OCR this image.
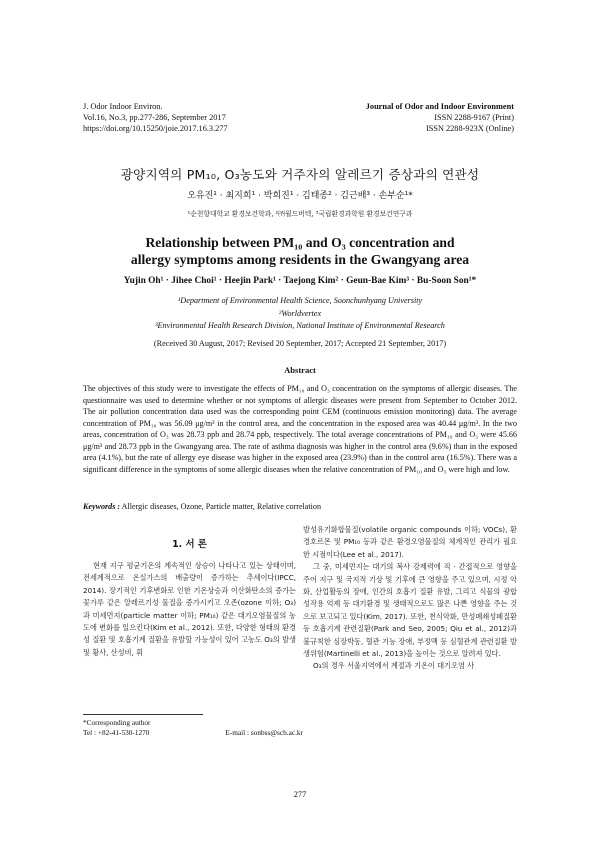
J. Odor Indoor Environ.
Vol.16, No.3, pp.277-286, September 2017
https://doi.org/10.15250/joie.2017.16.3.277
Journal of Odor and Indoor Environment
ISSN 2288-9167 (Print)
ISSN 2288-923X (Online)
광양지역의 PM₁₀, O₃농도와 거주자의 알레르기 증상과의 연관성
오유진¹ · 최지희¹ · 박희진¹ · 김태종² · 김근배³ · 손부순¹*
¹순천향대학교 환경보건학과, ²㈜월드버텍, ³국립환경과학원 환경보건연구과
Relationship between PM₁₀ and O₃ concentration and
allergy symptoms among residents in the Gwangyang area
Yujin Oh¹ · Jihee Choi¹ · Heejin Park¹ · Taejong Kim² · Geun-Bae Kim³ · Bu-Soon Son¹*
¹Department of Environmental Health Science, Soonchunhyang University
²Worldvertex
³Environmental Health Research Division, National Institute of Environmental Research
(Received 30 August, 2017; Revised 20 September, 2017; Accepted 21 September, 2017)
Abstract
The objectives of this study were to investigate the effects of PM₁₀ and O₃ concentration on the symptoms of allergic diseases. The questionnaire was used to determine whether or not symptoms of allergic diseases were present from September to October 2012. The air pollution concentration data used was the corresponding point CEM (continuous emission monitoring) data. The average concentration of PM₁₀ was 56.09 μg/m³ in the control area, and the concentration in the exposed area was 40.44 μg/m³. In the two areas, concentration of O₃ was 28.73 ppb and 28.74 ppb, respectively. The total average concentrations of PM₁₀ and O₃ were 45.66 μg/m³ and 28.73 ppb in the Gwangyang area. The rate of asthma diagnosis was higher in the control area (9.6%) than in the exposed area (4.1%), but the rate of allergy eye disease was higher in the exposed area (23.9%) than in the control area (16.5%). There was a significant difference in the symptoms of some allergic diseases when the relative concentration of PM₁₀ and O₃ were high and low.
Keywords : Allergic diseases, Ozone, Particle matter, Relative correlation
1. 서 론
현재 지구 평균기온의 계속적인 상승이 나타나고 있는 상태이며, 전세계적으로 온실가스의 배출량이 증가하는 추세이다(IPCC, 2014). 장기적인 기후변화로 인한 기온상승과 이산화탄소의 증가는 꽃가루 같은 알레르기성 물질을 증가시키고 오존(ozone 이하; O₃)과 미세먼지(particle matter 이하; PM₁₀) 같은 대기오염물질의 농도에 변화를 일으킨다(Kim et al., 2012). 또한, 다양한 형태의 환경성 질환 및 호흡기계 질환을 유발할 가능성이 있어 고농도 O₃의 발생 및 황사, 산성비, 휘
발성유기화합물질(volatile organic compounds 이하; VOCs), 환경호르몬 및 PM₁₀ 등과 같은 환경오염물질의 체계적인 관리가 필요한 시점이다(Lee et al., 2017).
그 중, 미세먼지는 대기의 복사 강제력에 직 · 간접적으로 영향을 주어 지구 및 국지적 기상 및 기후에 큰 영향을 주고 있으며, 시정 악화, 산업활동의 장애, 인간의 호흡기 질환 유발, 그리고 식물의 광합성작용 억제 등 대기환경 및 생태적으로도 많은 나쁜 영향을 주는 것으로 보고되고 있다(Kim, 2017). 또한, 천식악화, 만성폐쇄성폐질환 등 호흡기계 관련질환(Park and Seo, 2005; Qiu et al., 2012)과 불규칙한 심장박동, 혈관 기능 장애, 부정맥 등 심혈관계 관련질환 발생위험(Martinelli et al., 2013)을 높이는 것으로 알려져 있다.
O₃의 경우 서울지역에서 계절과 기온이 대기오염 사
*Corresponding author
Tel : +82-41-530-1270	E-mail : sonbss@sch.ac.kr
277
